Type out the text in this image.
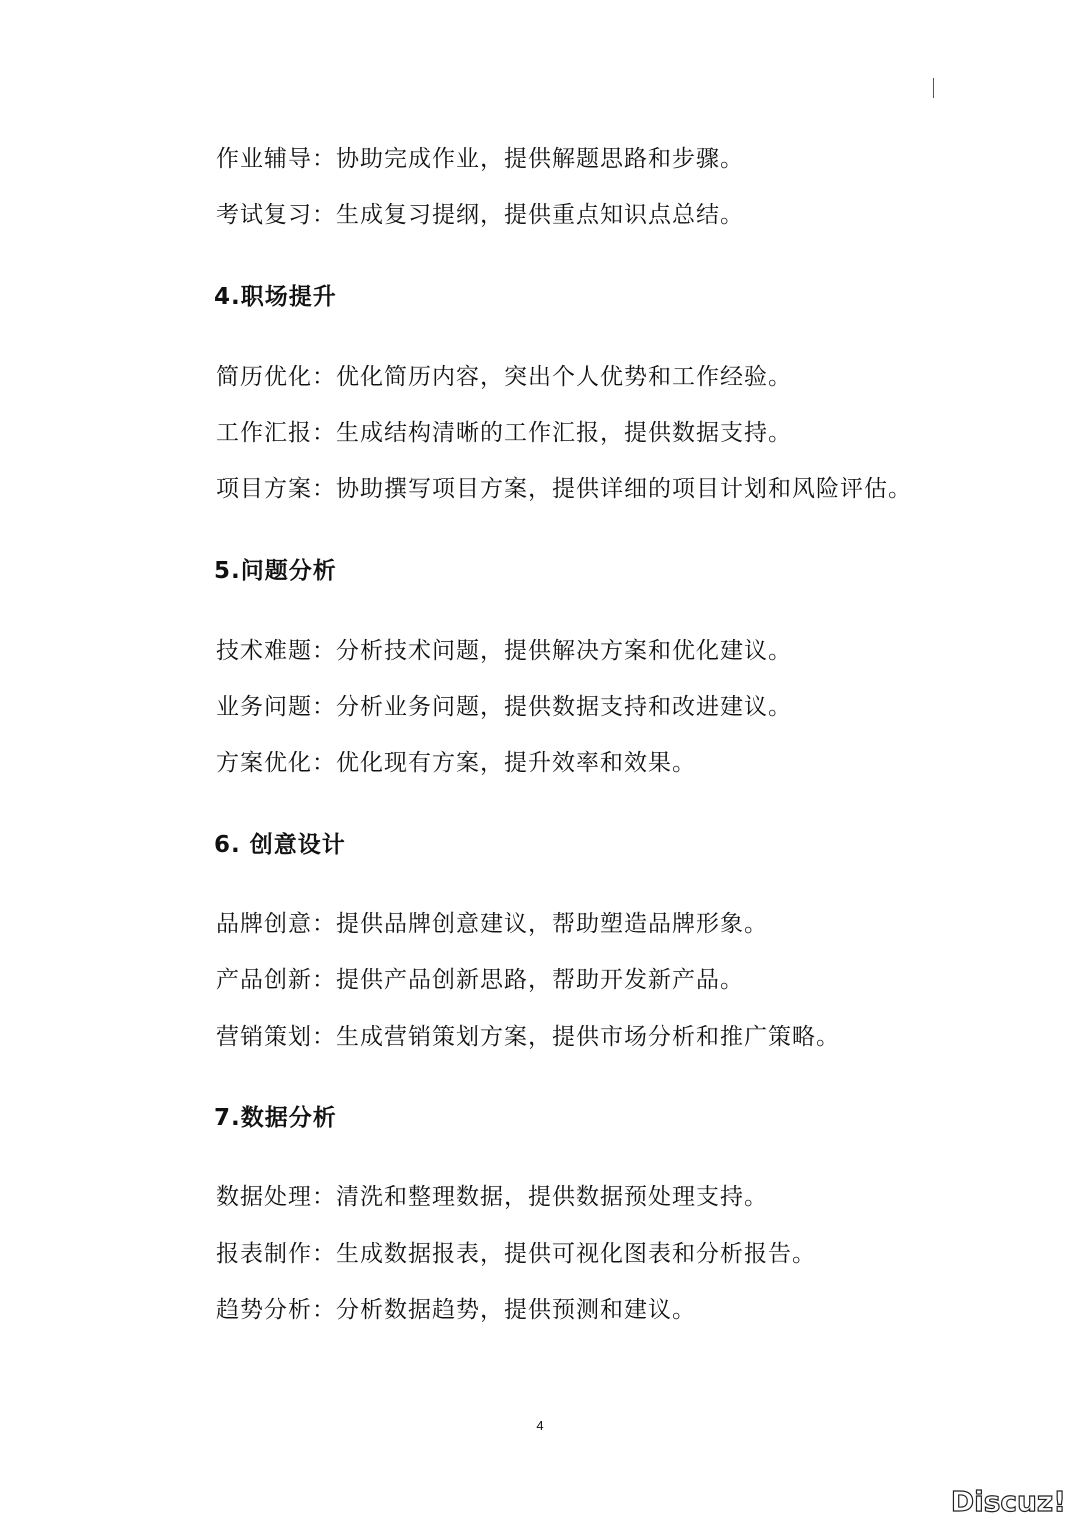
作业辅导：协助完成作业，提供解题思路和步骤。
考试复习：生成复习提纲，提供重点知识点总结。
4.职场提升
简历优化：优化简历内容，突出个人优势和工作经验。
工作汇报：生成结构清晰的工作汇报，提供数据支持。
项目方案：协助撰写项目方案，提供详细的项目计划和风险评估。
5.问题分析
技术难题：分析技术问题，提供解决方案和优化建议。
业务问题：分析业务问题，提供数据支持和改进建议。
方案优化：优化现有方案，提升效率和效果。
6. 创意设计
品牌创意：提供品牌创意建议，帮助塑造品牌形象。
产品创新：提供产品创新思路，帮助开发新产品。
营销策划：生成营销策划方案，提供市场分析和推广策略。
7.数据分析
数据处理：清洗和整理数据，提供数据预处理支持。
报表制作：生成数据报表，提供可视化图表和分析报告。
趋势分析：分析数据趋势，提供预测和建议。
4
Discuz!
